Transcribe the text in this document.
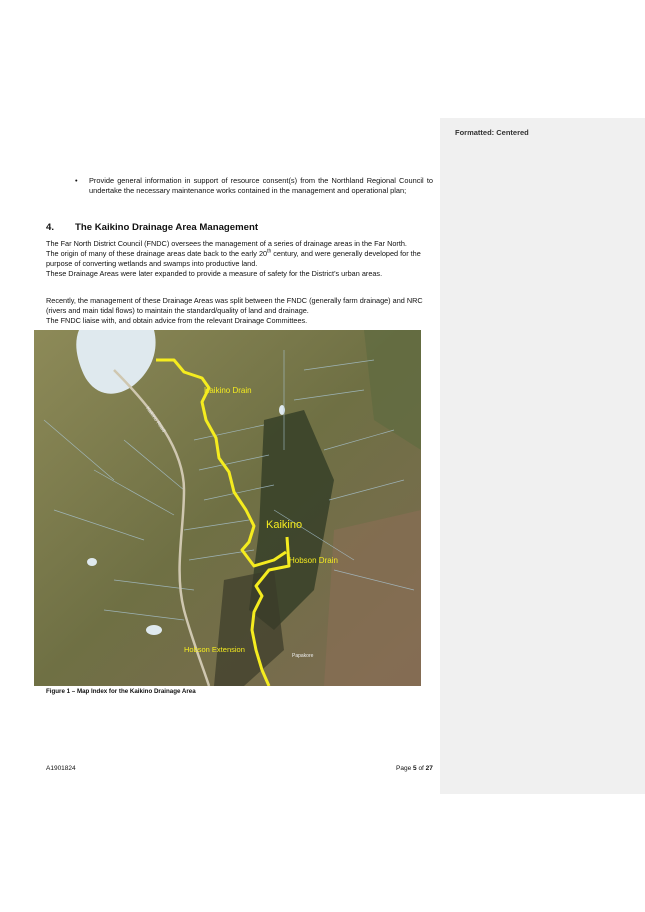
Formatted: Centered
• Provide general information in support of resource consent(s) from the Northland Regional Council to undertake the necessary maintenance works contained in the management and operational plan;
4. The Kaikino Drainage Area Management
The Far North District Council (FNDC) oversees the management of a series of drainage areas in the Far North.
The origin of many of these drainage areas date back to the early 20th century, and were generally developed for the purpose of converting wetlands and swamps into productive land.
These Drainage Areas were later expanded to provide a measure of safety for the District’s urban areas.
Recently, the management of these Drainage Areas was split between the FNDC (generally farm drainage) and NRC (rivers and main tidal flows) to maintain the standard/quality of land and drainage.
The FNDC liaise with, and obtain advice from the relevant Drainage Committees.
Kaikino Road
Kaikino Drain
Kaikino
Hobson Drain
Hobson Extension
Papakore
Figure 1 – Map Index for the Kaikino Drainage Area
A1901824	Page 5 of 27
